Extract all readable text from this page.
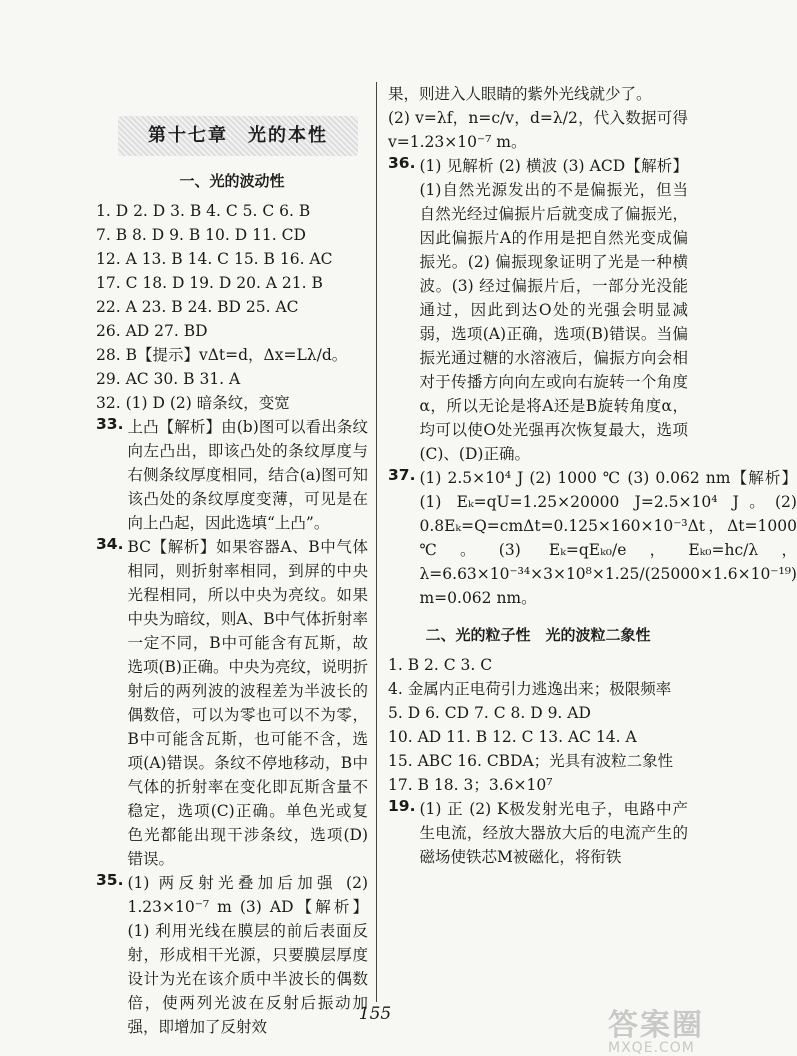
第十七章　光的本性
一、光的波动性
1. D 2. D 3. B 4. C 5. C 6. B
7. B 8. D 9. B 10. D 11. CD
12. A 13. B 14. C 15. B 16. AC
17. C 18. D 19. D 20. A 21. B
22. A 23. B 24. BD 25. AC
26. AD 27. BD
28. B【提示】vΔt=d，Δx=Lλ/d。
29. AC 30. B 31. A
32. (1) D (2) 暗条纹，变宽
33. 上凸【解析】由(b)图可以看出条纹向左凸出，即该凸处的条纹厚度与右侧条纹厚度相同，结合(a)图可知该凸处的条纹厚度变薄，可见是在向上凸起，因此选填“上凸”。
34. BC【解析】如果容器A、B中气体相同，则折射率相同，到屏的中央光程相同，所以中央为亮纹。如果中央为暗纹，则A、B中气体折射率一定不同，B中可能含有瓦斯，故选项(B)正确。中央为亮纹，说明折射后的两列波的波程差为半波长的偶数倍，可以为零也可以不为零，B中可能含瓦斯，也可能不含，选项(A)错误。条纹不停地移动，B中气体的折射率在变化即瓦斯含量不稳定，选项(C)正确。单色光或复色光都能出现干涉条纹，选项(D)错误。
35. (1) 两反射光叠加后加强 (2) 1.23×10⁻⁷ m (3) AD【解析】(1) 利用光线在膜层的前后表面反射，形成相干光源，只要膜层厚度设计为光在该介质中半波长的偶数倍，使两列光波在反射后振动加强，即增加了反射效
果，则进入人眼睛的紫外光线就少了。
(2) v=λf，n=c/v，d=λ/2，代入数据可得 v=1.23×10⁻⁷ m。
36. (1) 见解析 (2) 横波 (3) ACD【解析】(1)自然光源发出的不是偏振光，但当自然光经过偏振片后就变成了偏振光，因此偏振片A的作用是把自然光变成偏振光。(2) 偏振现象证明了光是一种横波。(3) 经过偏振片后，一部分光没能通过，因此到达O处的光强会明显减弱，选项(A)正确，选项(B)错误。当偏振光通过糖的水溶液后，偏振方向会相对于传播方向向左或向右旋转一个角度α，所以无论是将A还是B旋转角度α，均可以使O处光强再次恢复最大，选项(C)、(D)正确。
37. (1) 2.5×10⁴ J (2) 1000 ℃ (3) 0.062 nm【解析】(1) Eₖ=qU=1.25×20000 J=2.5×10⁴ J。(2) 0.8Eₖ=Q=cmΔt=0.125×160×10⁻³Δt，Δt=1000 ℃。(3) Eₖ=qEₖ₀/e，Eₖ₀=hc/λ，λ=6.63×10⁻³⁴×3×10⁸×1.25/(25000×1.6×10⁻¹⁹) m=0.062 nm。
二、光的粒子性　光的波粒二象性
1. B 2. C 3. C
4. 金属内正电荷引力逃逸出来；极限频率
5. D 6. CD 7. C 8. D 9. AD
10. AD 11. B 12. C 13. AC 14. A
15. ABC 16. CBDA；光具有波粒二象性
17. B 18. 3；3.6×10⁷
19. (1) 正 (2) K极发射光电子，电路中产生电流，经放大器放大后的电流产生的磁场使铁芯M被磁化，将衔铁
155	答案圈
MXQE.COM
